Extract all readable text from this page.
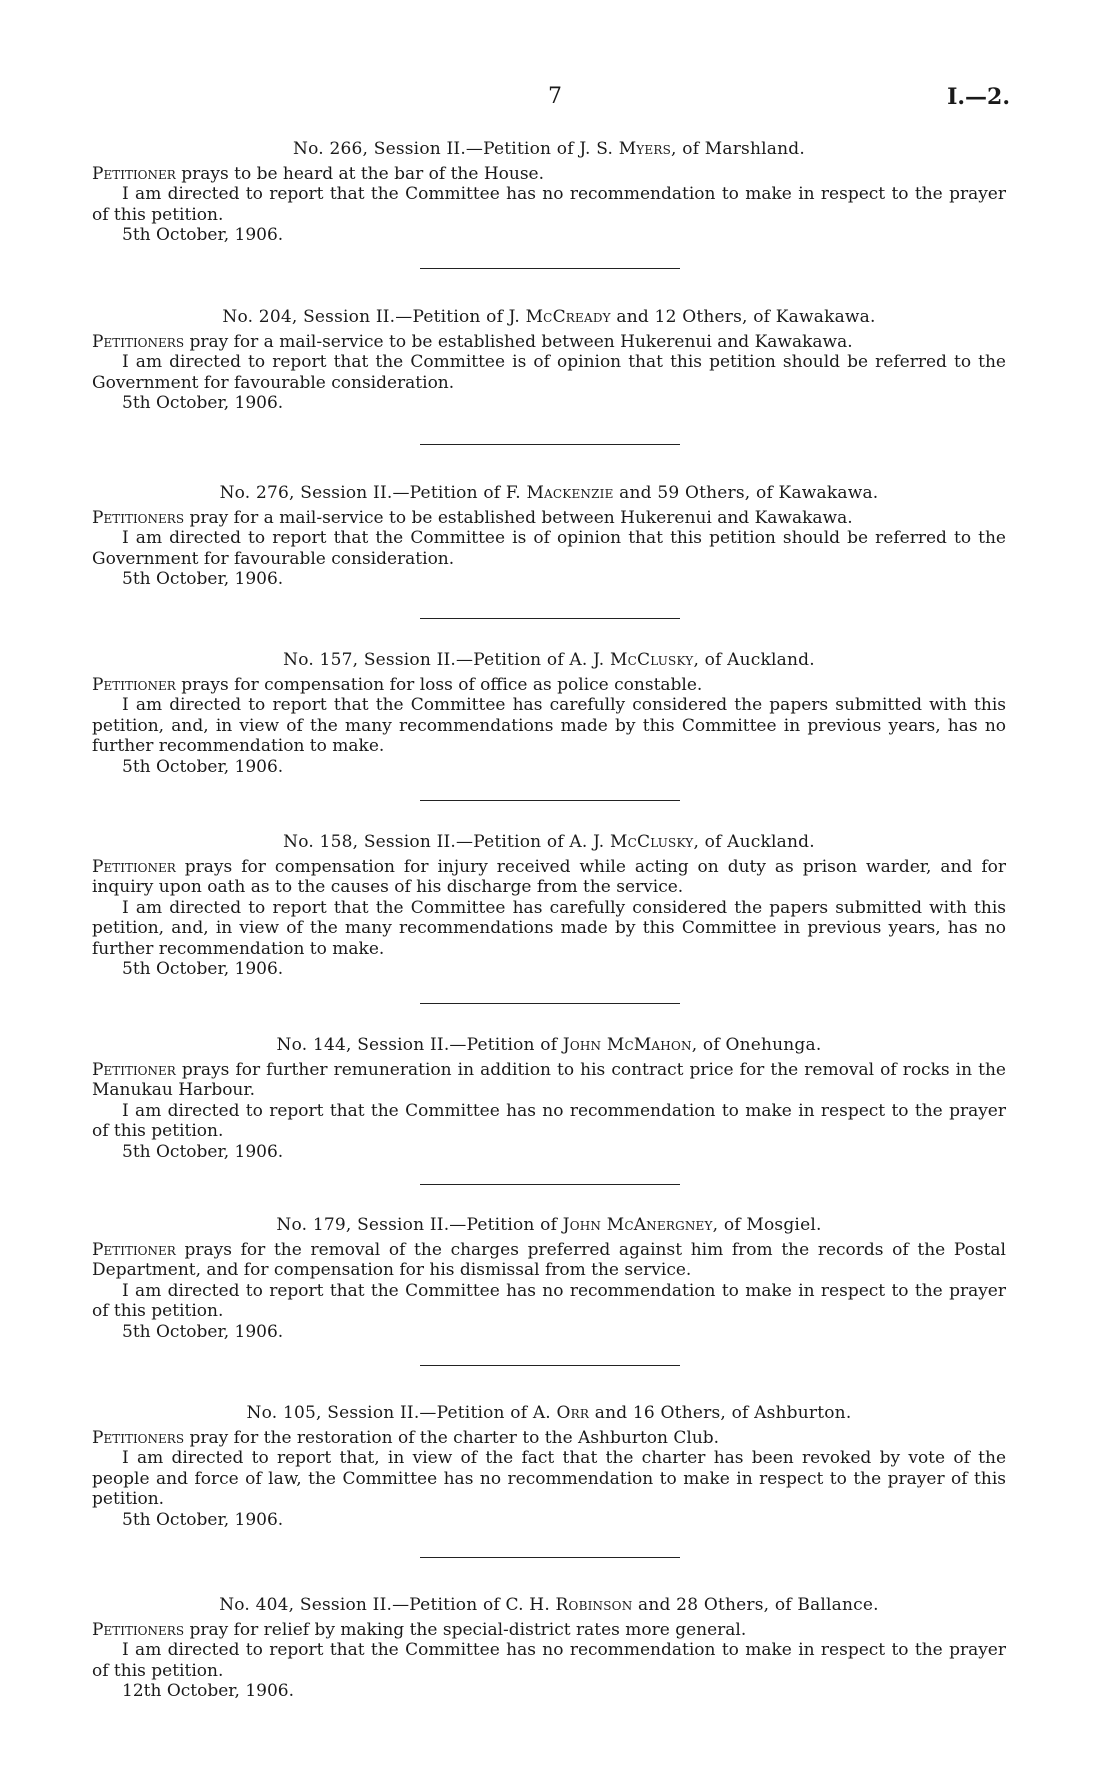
7	I.—2.

No. 266, Session II.—Petition of J. S. Myers, of Marshland.

Petitioner prays to be heard at the bar of the House.

I am directed to report that the Committee has no recommendation to make in respect to the prayer of this petition.

5th October, 1906.

No. 204, Session II.—Petition of J. McCready and 12 Others, of Kawakawa.

Petitioners pray for a mail-service to be established between Hukerenui and Kawakawa.

I am directed to report that the Committee is of opinion that this petition should be referred to the Government for favourable consideration.

5th October, 1906.

No. 276, Session II.—Petition of F. Mackenzie and 59 Others, of Kawakawa.

Petitioners pray for a mail-service to be established between Hukerenui and Kawakawa.

I am directed to report that the Committee is of opinion that this petition should be referred to the Government for favourable consideration.

5th October, 1906.

No. 157, Session II.—Petition of A. J. McClusky, of Auckland.

Petitioner prays for compensation for loss of office as police constable.

I am directed to report that the Committee has carefully considered the papers submitted with this petition, and, in view of the many recommendations made by this Committee in previous years, has no further recommendation to make.

5th October, 1906.

No. 158, Session II.—Petition of A. J. McClusky, of Auckland.

Petitioner prays for compensation for injury received while acting on duty as prison warder, and for inquiry upon oath as to the causes of his discharge from the service.

I am directed to report that the Committee has carefully considered the papers submitted with this petition, and, in view of the many recommendations made by this Committee in previous years, has no further recommendation to make.

5th October, 1906.

No. 144, Session II.—Petition of John McMahon, of Onehunga.

Petitioner prays for further remuneration in addition to his contract price for the removal of rocks in the Manukau Harbour.

I am directed to report that the Committee has no recommendation to make in respect to the prayer of this petition.

5th October, 1906.

No. 179, Session II.—Petition of John McAnergney, of Mosgiel.

Petitioner prays for the removal of the charges preferred against him from the records of the Postal Department, and for compensation for his dismissal from the service.

I am directed to report that the Committee has no recommendation to make in respect to the prayer of this petition.

5th October, 1906.

No. 105, Session II.—Petition of A. Orr and 16 Others, of Ashburton.

Petitioners pray for the restoration of the charter to the Ashburton Club.

I am directed to report that, in view of the fact that the charter has been revoked by vote of the people and force of law, the Committee has no recommendation to make in respect to the prayer of this petition.

5th October, 1906.

No. 404, Session II.—Petition of C. H. Robinson and 28 Others, of Ballance.

Petitioners pray for relief by making the special-district rates more general.

I am directed to report that the Committee has no recommendation to make in respect to the prayer of this petition.

12th October, 1906.
